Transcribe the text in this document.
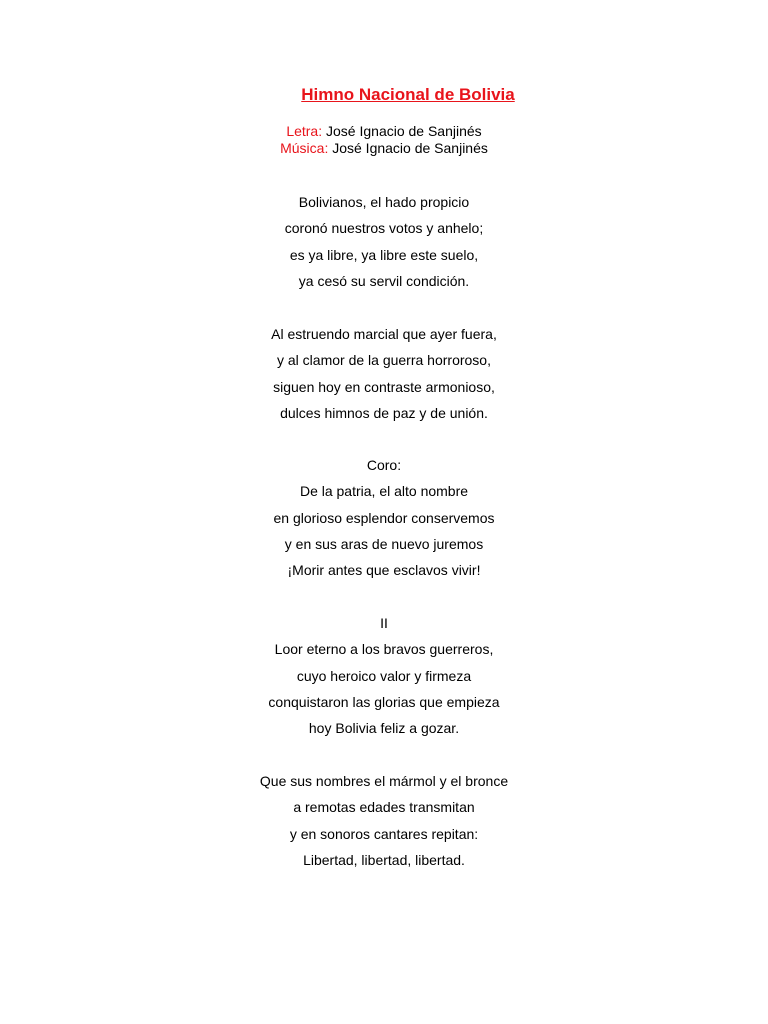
Himno Nacional de Bolivia
Letra: José Ignacio de Sanjinés
Música: José Ignacio de Sanjinés
Bolivianos, el hado propicio
coronó nuestros votos y anhelo;
es ya libre, ya libre este suelo,
ya cesó su servil condición.
Al estruendo marcial que ayer fuera,
y al clamor de la guerra horroroso,
siguen hoy en contraste armonioso,
dulces himnos de paz y de unión.
Coro:
De la patria, el alto nombre
en glorioso esplendor conservemos
y en sus aras de nuevo juremos
¡Morir antes que esclavos vivir!
II
Loor eterno a los bravos guerreros,
cuyo heroico valor y firmeza
conquistaron las glorias que empieza
hoy Bolivia feliz a gozar.
Que sus nombres el mármol y el bronce
a remotas edades transmitan
y en sonoros cantares repitan:
Libertad, libertad, libertad.
